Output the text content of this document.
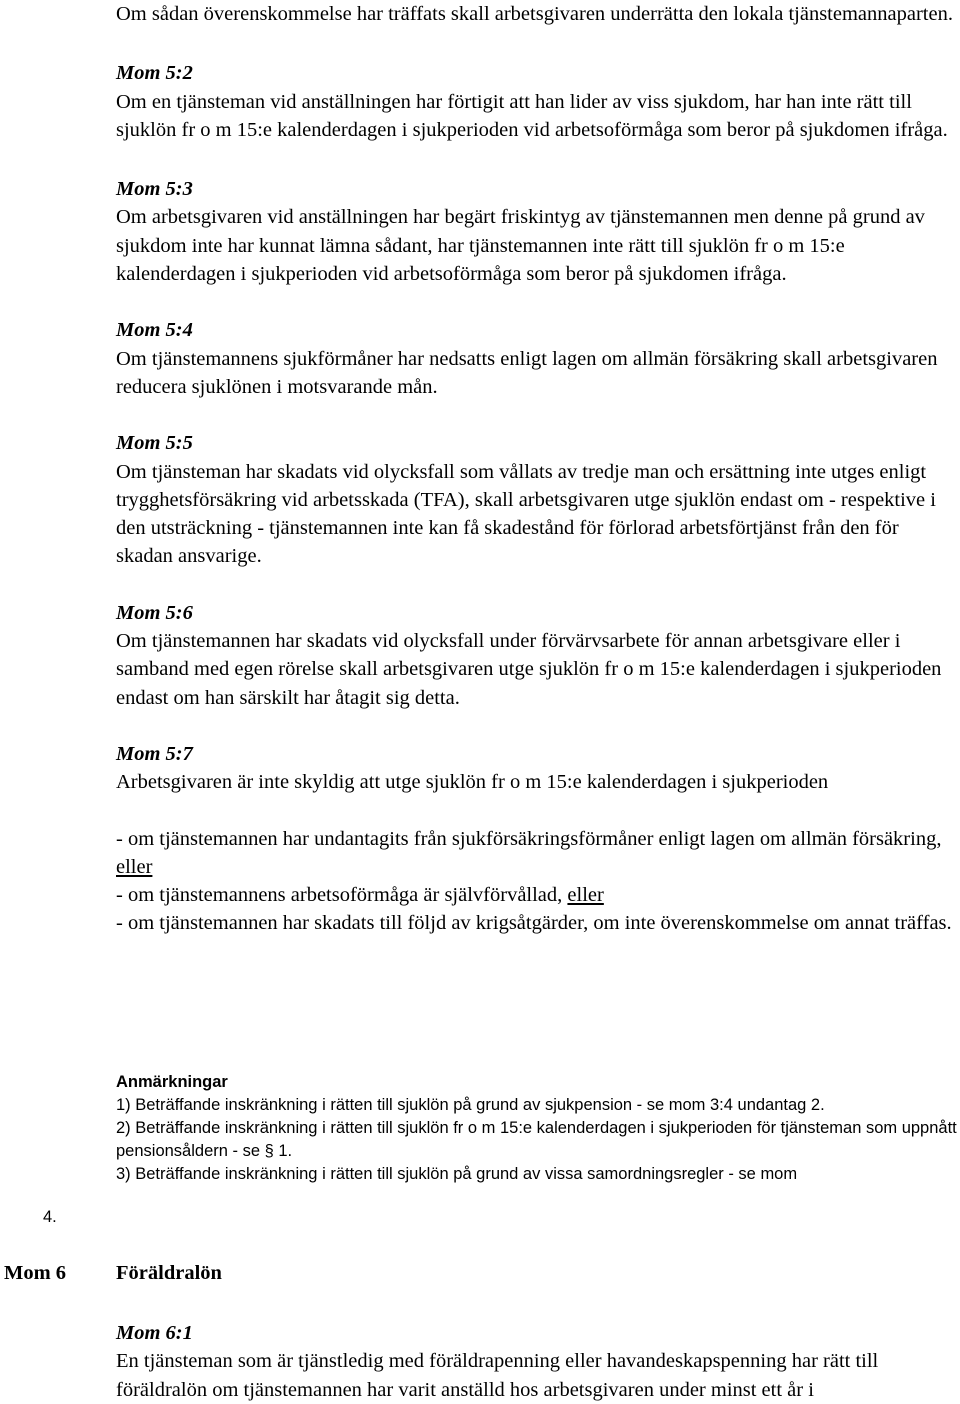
Om sådan överenskommelse har träffats skall arbetsgivaren underrätta den lokala tjänstemannaparten.

Mom 5:2

Om en tjänsteman vid anställningen har förtigit att han lider av viss sjukdom, har han inte rätt till sjuklön fr o m 15:e kalenderdagen i sjukperioden vid arbetsoförmåga som beror på sjukdomen ifråga.

Mom 5:3

Om arbetsgivaren vid anställningen har begärt friskintyg av tjänstemannen men denne på grund av sjukdom inte har kunnat lämna sådant, har tjänstemannen inte rätt till sjuklön fr o m 15:e kalenderdagen i sjukperioden vid arbetsoförmåga som beror på sjukdomen ifråga.

Mom 5:4

Om tjänstemannens sjukförmåner har nedsatts enligt lagen om allmän försäkring skall arbetsgivaren reducera sjuklönen i motsvarande mån.

Mom 5:5

Om tjänsteman har skadats vid olycksfall som vållats av tredje man och ersättning inte utges enligt trygghetsförsäkring vid arbetsskada (TFA), skall arbetsgivaren utge sjuklön endast om - respektive i den utsträckning - tjänstemannen inte kan få skadestånd för förlorad arbetsförtjänst från den för skadan ansvarige.

Mom 5:6

Om tjänstemannen har skadats vid olycksfall under förvärvsarbete för annan arbetsgivare eller i samband med egen rörelse skall arbetsgivaren utge sjuklön fr o m 15:e kalenderdagen i sjukperioden endast om han särskilt har åtagit sig detta.

Mom 5:7

Arbetsgivaren är inte skyldig att utge sjuklön fr o m 15:e kalenderdagen i sjukperioden

- om tjänstemannen har undantagits från sjukförsäkringsförmåner enligt lagen om allmän försäkring, eller

- om tjänstemannens arbetsoförmåga är självförvållad, eller

- om tjänstemannen har skadats till följd av krigsåtgärder, om inte överenskommelse om annat träffas.

Anmärkningar
1) Beträffande inskränkning i rätten till sjuklön på grund av sjukpension - se mom 3:4 undantag 2.
2) Beträffande inskränkning i rätten till sjuklön fr o m 15:e kalenderdagen i sjukperioden för tjänsteman som uppnått pensionsåldern - se § 1.
3) Beträffande inskränkning i rätten till sjuklön på grund av vissa samordningsregler - se mom
4.
Mom 6 Föräldralön

Mom 6:1

En tjänsteman som är tjänstledig med föräldrapenning eller havandeskapspenning har rätt till föräldralön om tjänstemannen har varit anställd hos arbetsgivaren under minst ett år i
